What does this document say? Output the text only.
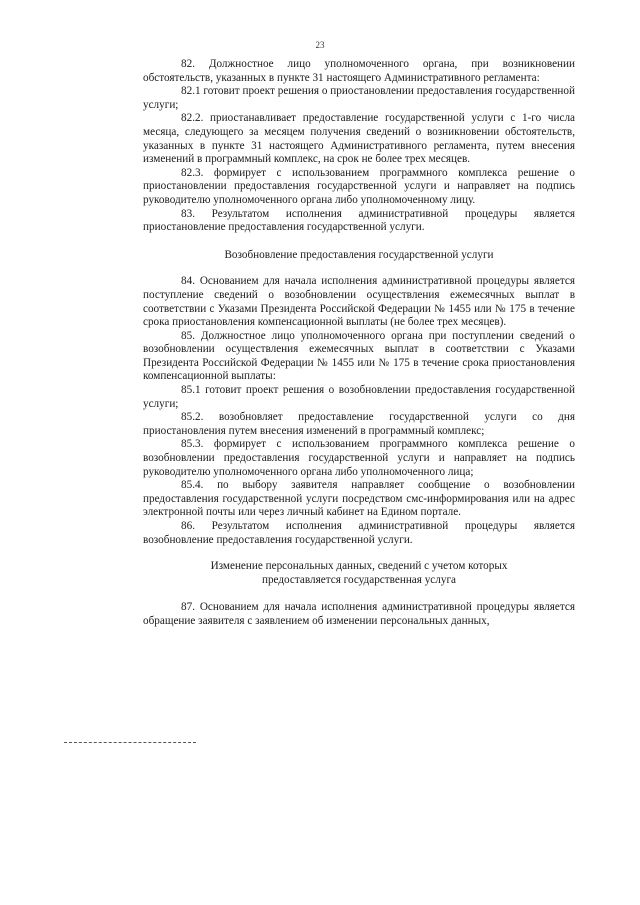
23

82. Должностное лицо уполномоченного органа, при возникновении обстоятельств, указанных в пункте 31 настоящего Административного регламента:

82.1 готовит проект решения о приостановлении предоставления государственной услуги;

82.2. приостанавливает предоставление государственной услуги с 1-го числа месяца, следующего за месяцем получения сведений о возникновении обстоятельств, указанных в пункте 31 настоящего Административного регламента, путем внесения изменений в программный комплекс, на срок не более трех месяцев.

82.3. формирует с использованием программного комплекса решение о приостановлении предоставления государственной услуги и направляет на подпись руководителю уполномоченного органа либо уполномоченному лицу.

83. Результатом исполнения административной процедуры является приостановление предоставления государственной услуги.

Возобновление предоставления государственной услуги

84. Основанием для начала исполнения административной процедуры является поступление сведений о возобновлении осуществления ежемесячных выплат в соответствии с Указами Президента Российской Федерации № 1455 или № 175 в течение срока приостановления компенсационной выплаты (не более трех месяцев).

85. Должностное лицо уполномоченного органа при поступлении сведений о возобновлении осуществления ежемесячных выплат в соответствии с Указами Президента Российской Федерации № 1455 или № 175 в течение срока приостановления компенсационной выплаты:

85.1 готовит проект решения о возобновлении предоставления государственной услуги;

85.2. возобновляет предоставление государственной услуги со дня приостановления путем внесения изменений в программный комплекс;

85.3. формирует с использованием программного комплекса решение о возобновлении предоставления государственной услуги и направляет на подпись руководителю уполномоченного органа либо уполномоченного лица;

85.4. по выбору заявителя направляет сообщение о возобновлении предоставления государственной услуги посредством смс-информирования или на адрес электронной почты или через личный кабинет на Едином портале.

86. Результатом исполнения административной процедуры является возобновление предоставления государственной услуги.

Изменение персональных данных, сведений с учетом которых предоставляется государственная услуга

87. Основанием для начала исполнения административной процедуры является обращение заявителя с заявлением об изменении персональных данных,
